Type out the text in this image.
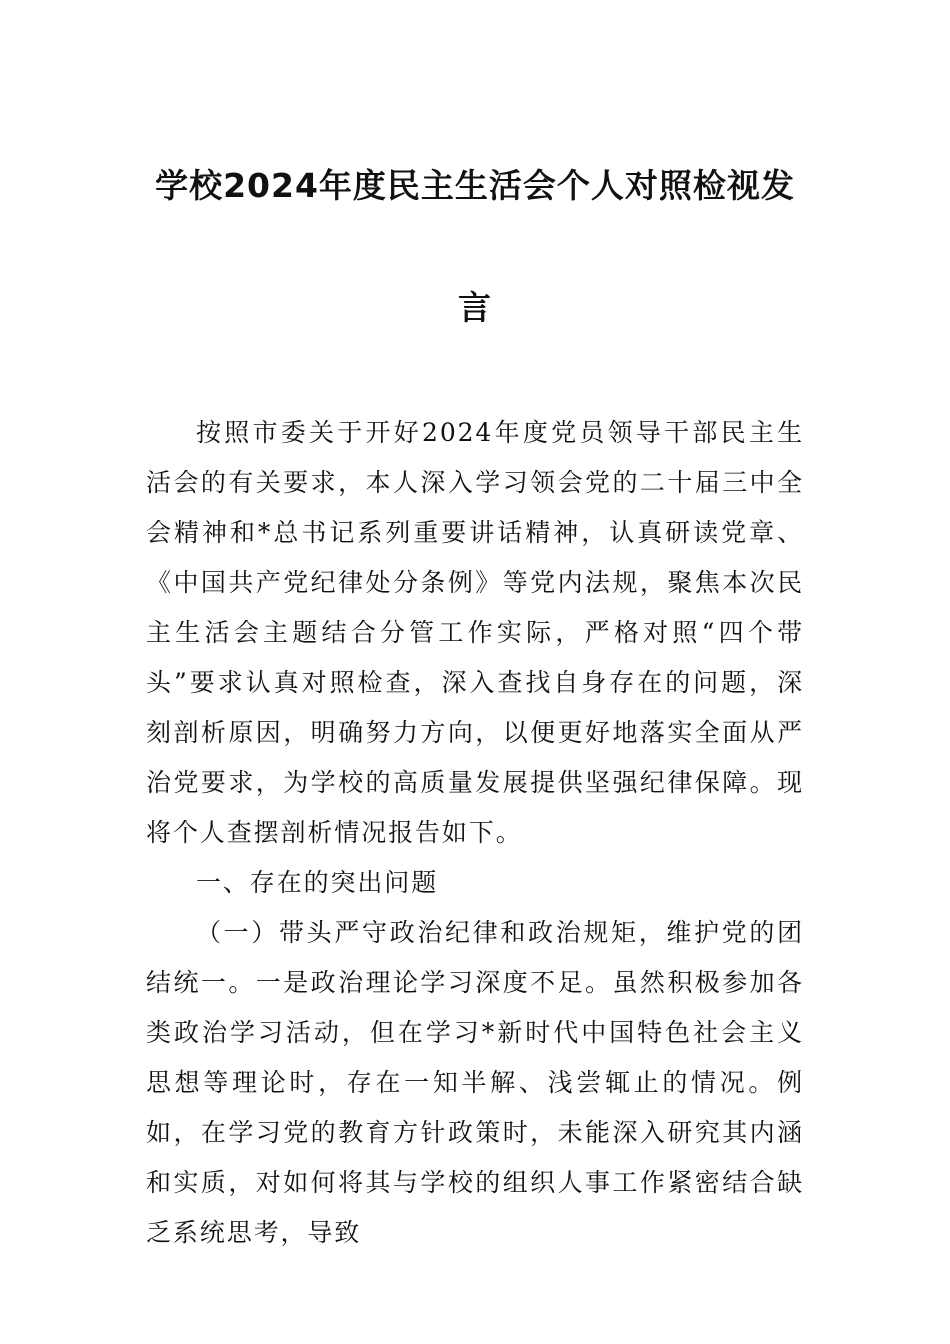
学校2024年度民主生活会个人对照检视发
言

按照市委关于开好2024年度党员领导干部民主生活会的有关要求，本人深入学习领会党的二十届三中全会精神和*总书记系列重要讲话精神，认真研读党章、《中国共产党纪律处分条例》等党内法规，聚焦本次民主生活会主题结合分管工作实际，严格对照“四个带头”要求认真对照检查，深入查找自身存在的问题，深刻剖析原因，明确努力方向，以便更好地落实全面从严治党要求，为学校的高质量发展提供坚强纪律保障。现将个人查摆剖析情况报告如下。

一、存在的突出问题

（一）带头严守政治纪律和政治规矩，维护党的团结统一。一是政治理论学习深度不足。虽然积极参加各类政治学习活动，但在学习*新时代中国特色社会主义思想等理论时，存在一知半解、浅尝辄止的情况。例如，在学习党的教育方针政策时，未能深入研究其内涵和实质，对如何将其与学校的组织人事工作紧密结合缺乏系统思考，导致
